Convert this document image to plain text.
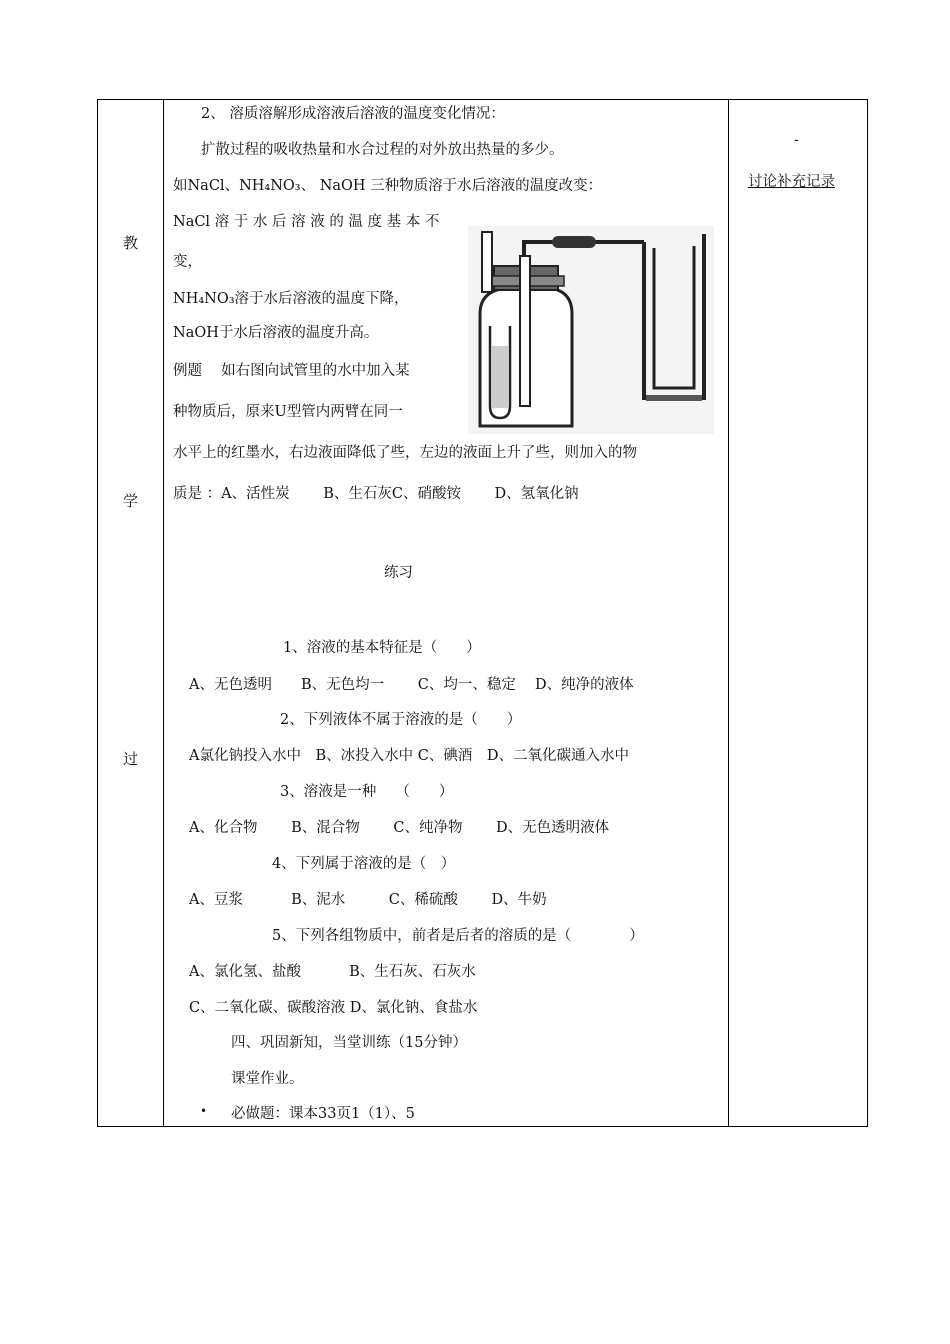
教
学
过
-
讨论补充记录
2、 溶质溶解形成溶液后溶液的温度变化情况：
扩散过程的吸收热量和水合过程的对外放出热量的多少。
如NaCl、NH₄NO₃、 NaOH 三种物质溶于水后溶液的温度改变：
NaCl 溶 于 水 后 溶 液 的 温 度 基 本 不
变，
NH₄NO₃溶于水后溶液的温度下降，
NaOH于水后溶液的温度升高。
例题　 如右图向试管里的水中加入某
种物质后，原来U型管内两臂在同一
水平上的红墨水，右边液面降低了些，左边的液面上升了些，则加入的物
质是 ：A、活性炭　　 B、生石灰C、硝酸铵　　 D、氢氧化钠
练习
1、溶液的基本特征是（　　）
A、无色透明　　B、无色均一　　 C、均一、稳定　 D、纯净的液体
2、下列液体不属于溶液的是（　　）
A氯化钠投入水中　B、冰投入水中 C、碘酒　D、二氧化碳通入水中
3、溶液是一种　 （　　）
A、化合物　　 B、混合物　　 C、纯净物　　 D、无色透明液体
4、下列属于溶液的是（　）
A、豆浆　　　 B、泥水　　　C、稀硫酸　　 D、牛奶
5、下列各组物质中，前者是后者的溶质的是（　　　　）
A、氯化氢、盐酸　　　 B、生石灰、石灰水
C、二氧化碳、碳酸溶液 D、氯化钠、食盐水
四、巩固新知，当堂训练（15分钟）
课堂作业。
• 必做题：课本33页1（1）、5
